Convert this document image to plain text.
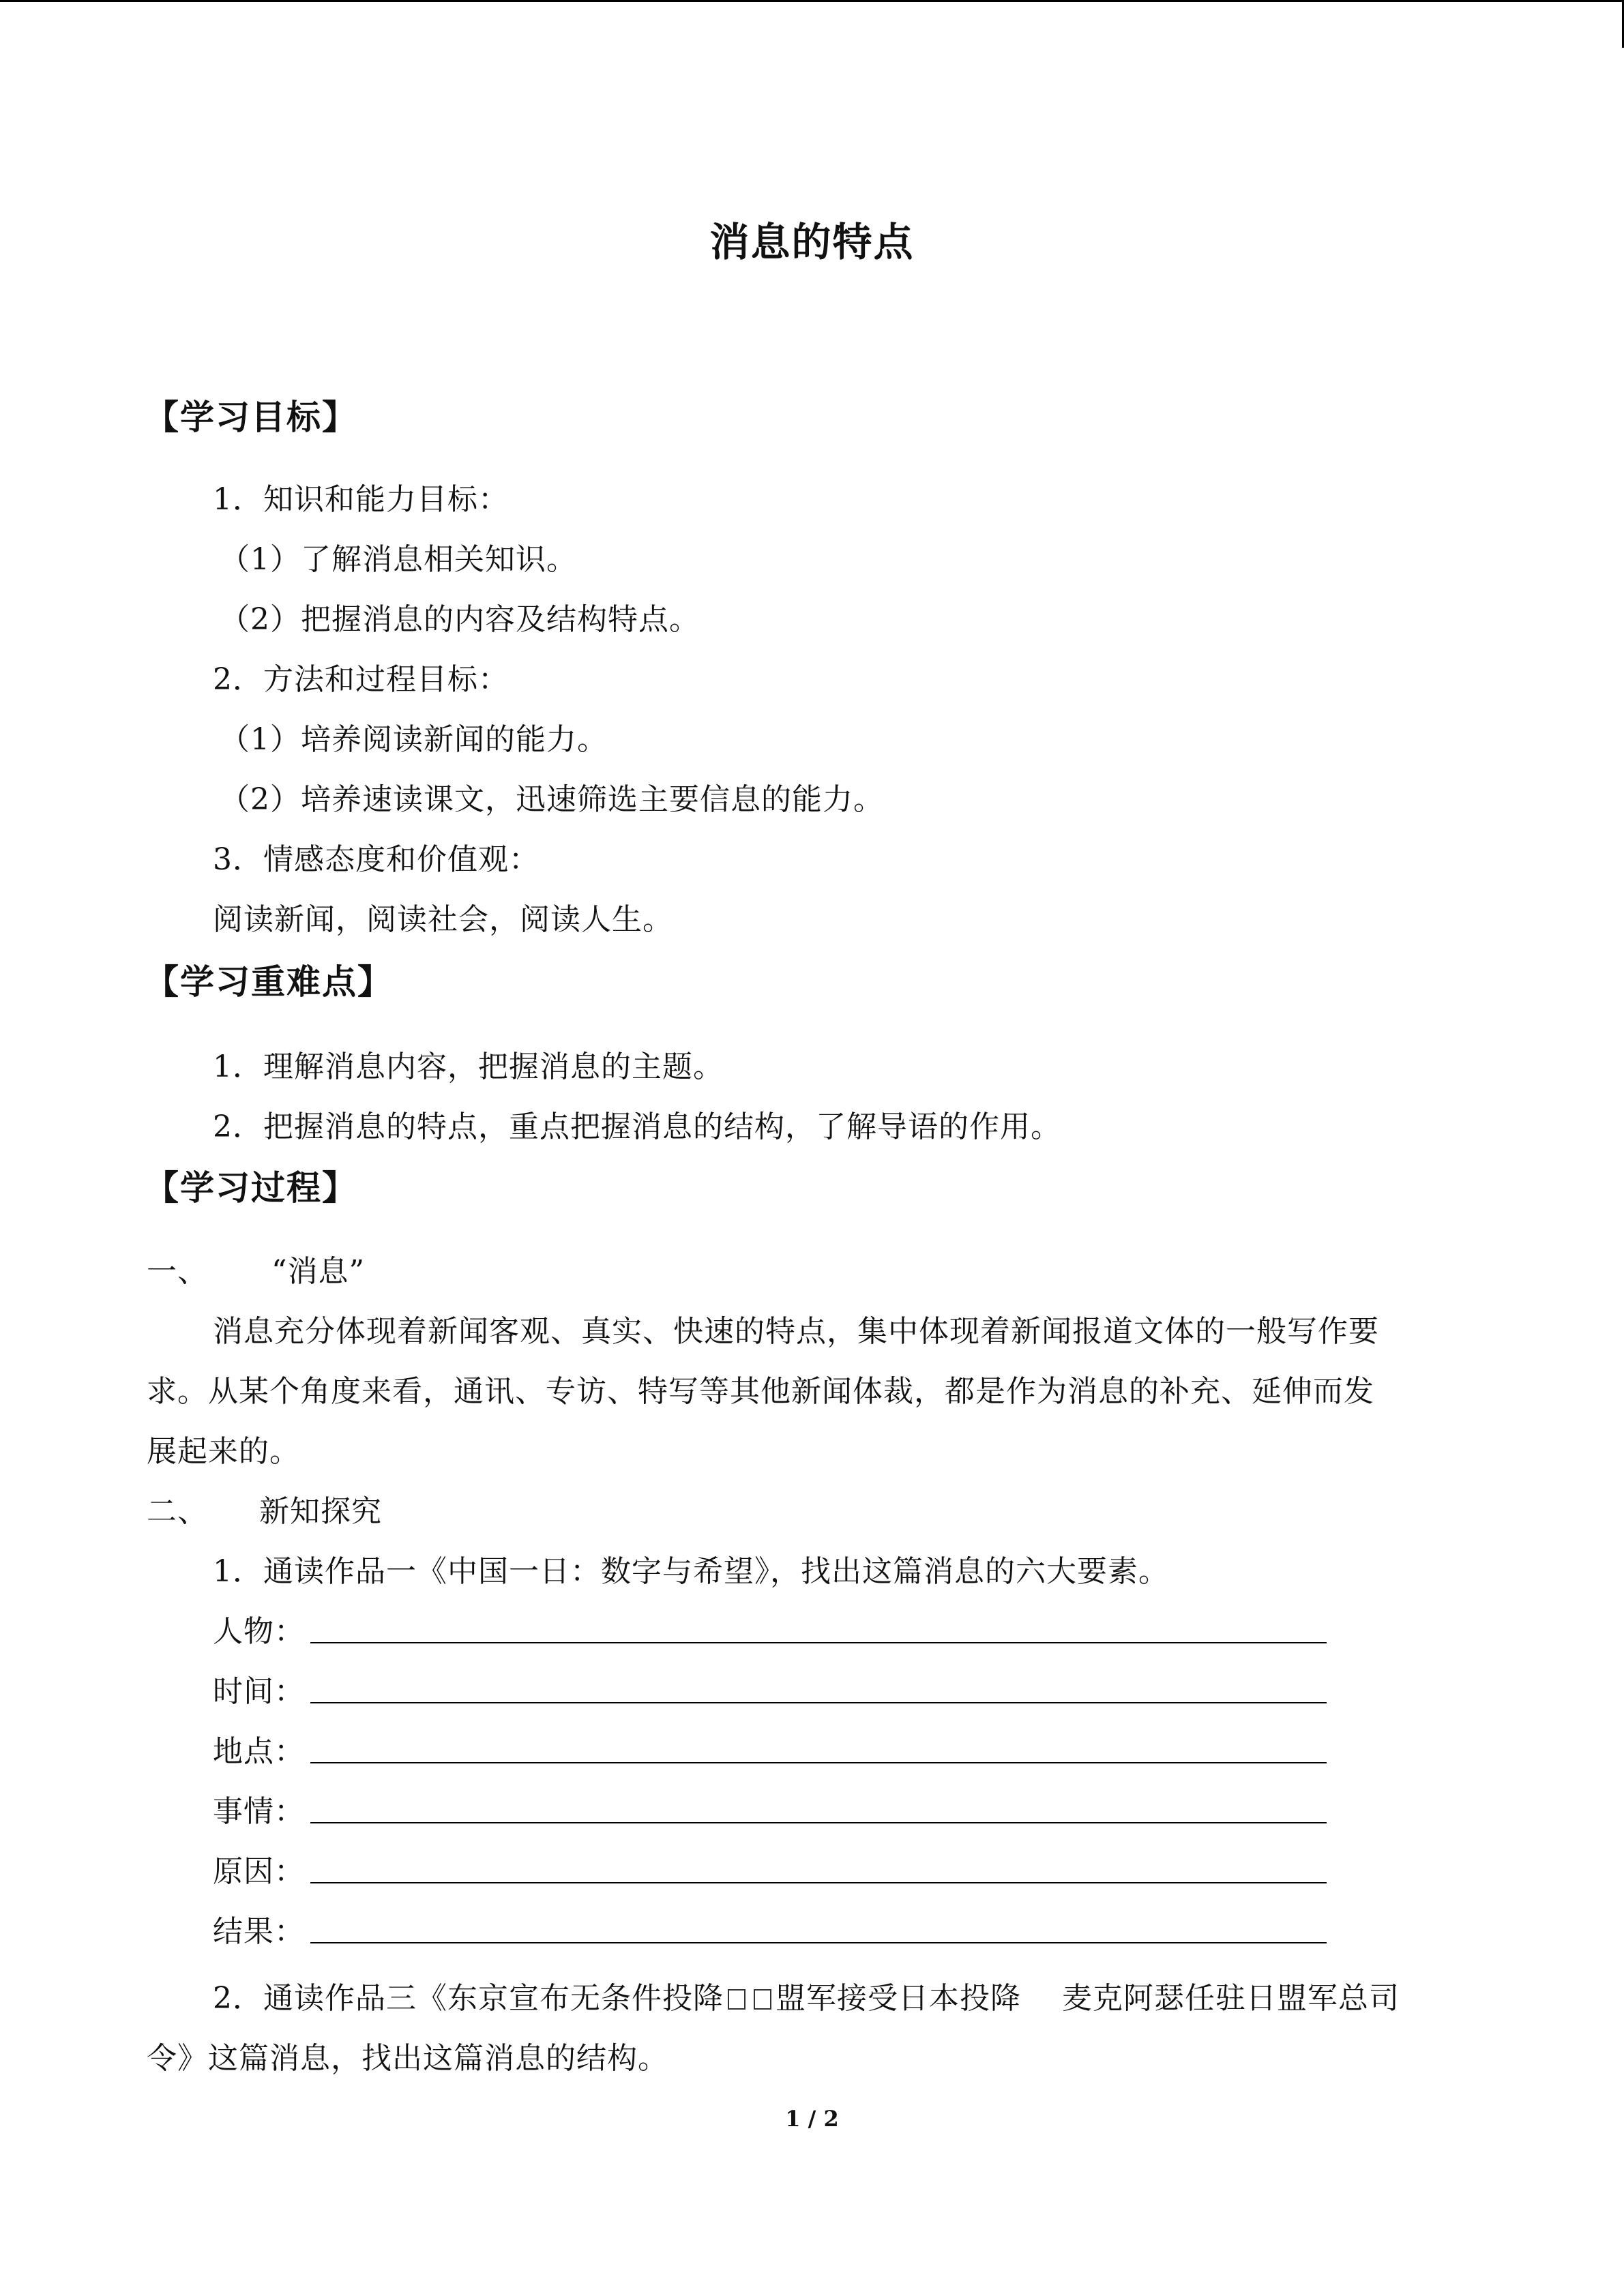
消息的特点
【学习目标】
1．知识和能力目标：
（1）了解消息相关知识。
（2）把握消息的内容及结构特点。
2．方法和过程目标：
（1）培养阅读新闻的能力。
（2）培养速读课文，迅速筛选主要信息的能力。
3．情感态度和价值观：
阅读新闻，阅读社会，阅读人生。
【学习重难点】
1．理解消息内容，把握消息的主题。
2．把握消息的特点，重点把握消息的结构，了解导语的作用。
【学习过程】
一、 “消息”
消息充分体现着新闻客观、真实、快速的特点，集中体现着新闻报道文体的一般写作要
求。从某个角度来看，通讯、专访、特写等其他新闻体裁，都是作为消息的补充、延伸而发
展起来的。
二、 新知探究
1．通读作品一《中国一日：数字与希望》，找出这篇消息的六大要素。
人物：
时间：
地点：
事情：
原因：
结果：
2．通读作品三《东京宣布无条件投降 盟军接受日本投降　 麦克阿瑟任驻日盟军总司
令》这篇消息，找出这篇消息的结构。
1 / 2
